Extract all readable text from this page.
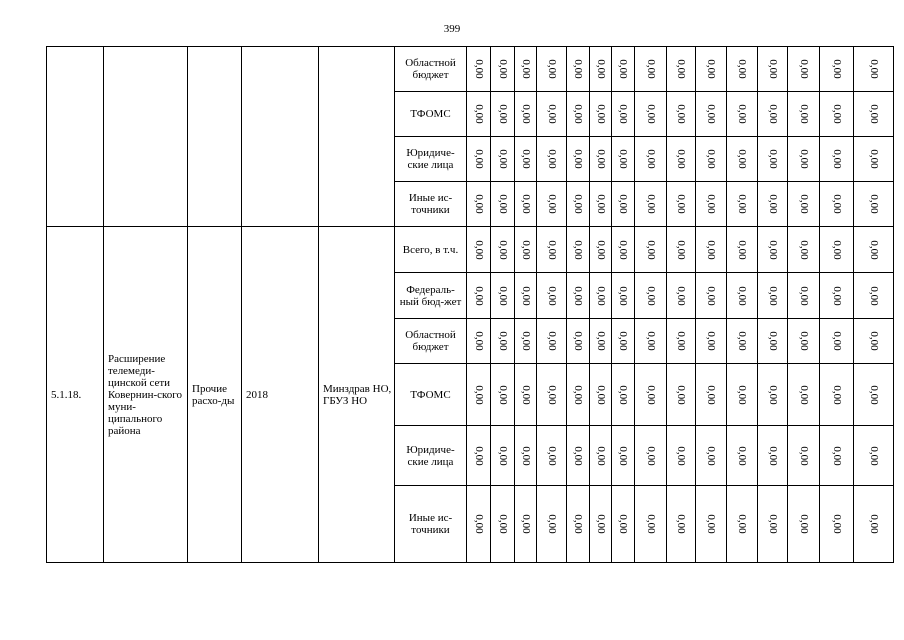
399
					Областной бюджет	0,00	0,00	0,00	0,00	0,00	0,00	0,00	0,00	0,00	0,00	0,00	0,00	0,00	0,00	0,00

					ТФОМС	0,00	0,00	0,00	0,00	0,00	0,00	0,00	0,00	0,00	0,00	0,00	0,00	0,00	0,00	0,00

					Юридиче-ские лица	0,00	0,00	0,00	0,00	0,00	0,00	0,00	0,00	0,00	0,00	0,00	0,00	0,00	0,00	0,00

					Иные ис-точники	0,00	0,00	0,00	0,00	0,00	0,00	0,00	0,00	0,00	0,00	0,00	0,00	0,00	0,00	0,00

5.1.18.	Расширение телемеди-цинской сети Ковернин-ского муни-ципального района	Прочие расхо-ды	2018	Минздрав НО, ГБУЗ НО	Всего, в т.ч.	0,00	0,00	0,00	0,00	0,00	0,00	0,00	0,00	0,00	0,00	0,00	0,00	0,00	0,00	0,00

					Федераль-ный бюд-жет	0,00	0,00	0,00	0,00	0,00	0,00	0,00	0,00	0,00	0,00	0,00	0,00	0,00	0,00	0,00

					Областной бюджет	0,00	0,00	0,00	0,00	0,00	0,00	0,00	0,00	0,00	0,00	0,00	0,00	0,00	0,00	0,00

					ТФОМС	0,00	0,00	0,00	0,00	0,00	0,00	0,00	0,00	0,00	0,00	0,00	0,00	0,00	0,00	0,00

					Юридиче-ские лица	0,00	0,00	0,00	0,00	0,00	0,00	0,00	0,00	0,00	0,00	0,00	0,00	0,00	0,00	0,00

					Иные ис-точники	0,00	0,00	0,00	0,00	0,00	0,00	0,00	0,00	0,00	0,00	0,00	0,00	0,00	0,00	0,00
